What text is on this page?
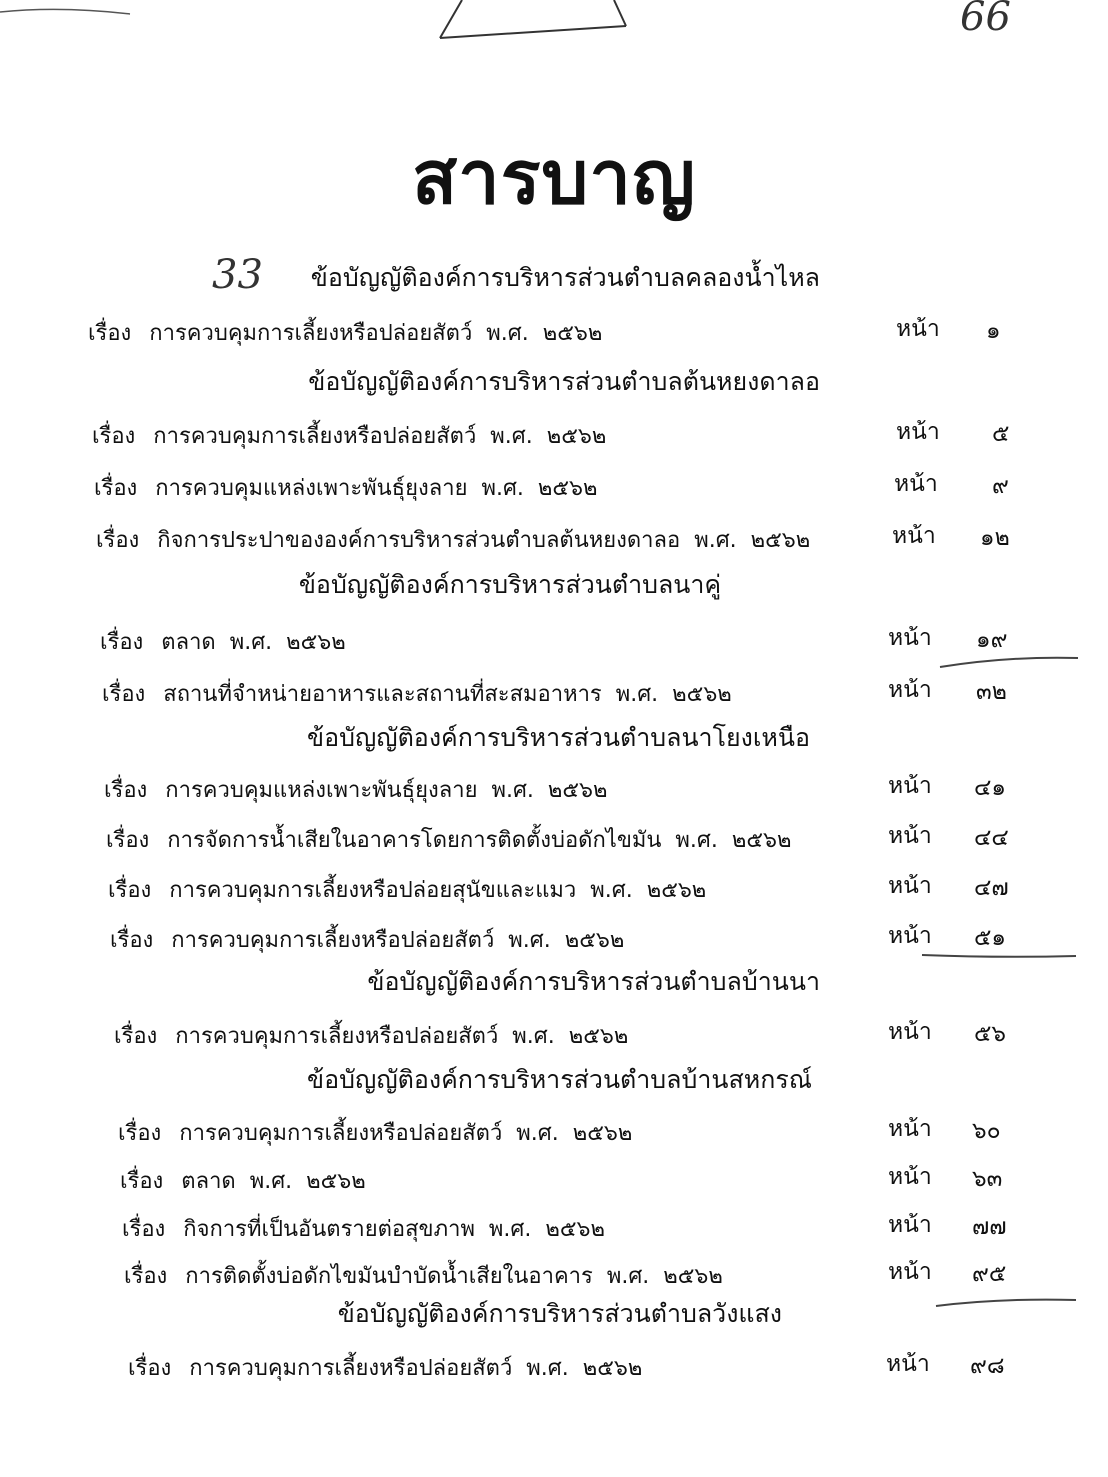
66
33
สารบาญ
ข้อบัญญัติองค์การบริหารส่วนตำบลคลองน้ำไหล
เรื่อง การควบคุมการเลี้ยงหรือปล่อยสัตว์  พ.ศ.  ๒๕๖๒	หน้า ๑
ข้อบัญญัติองค์การบริหารส่วนตำบลต้นหยงดาลอ
เรื่อง การควบคุมการเลี้ยงหรือปล่อยสัตว์  พ.ศ.  ๒๕๖๒	หน้า ๕
เรื่อง การควบคุมแหล่งเพาะพันธุ์ยุงลาย  พ.ศ.  ๒๕๖๒	หน้า ๙
เรื่อง กิจการประปาขององค์การบริหารส่วนตำบลต้นหยงดาลอ  พ.ศ.  ๒๕๖๒	หน้า ๑๒
ข้อบัญญัติองค์การบริหารส่วนตำบลนาคู่
เรื่อง ตลาด  พ.ศ.  ๒๕๖๒	หน้า ๑๙
เรื่อง สถานที่จำหน่ายอาหารและสถานที่สะสมอาหาร  พ.ศ.  ๒๕๖๒	หน้า ๓๒
ข้อบัญญัติองค์การบริหารส่วนตำบลนาโยงเหนือ
เรื่อง การควบคุมแหล่งเพาะพันธุ์ยุงลาย  พ.ศ.  ๒๕๖๒	หน้า ๔๑
เรื่อง การจัดการน้ำเสียในอาคารโดยการติดตั้งบ่อดักไขมัน  พ.ศ.  ๒๕๖๒	หน้า ๔๔
เรื่อง การควบคุมการเลี้ยงหรือปล่อยสุนัขและแมว  พ.ศ.  ๒๕๖๒	หน้า ๔๗
เรื่อง การควบคุมการเลี้ยงหรือปล่อยสัตว์  พ.ศ.  ๒๕๖๒	หน้า ๕๑
ข้อบัญญัติองค์การบริหารส่วนตำบลบ้านนา
เรื่อง การควบคุมการเลี้ยงหรือปล่อยสัตว์  พ.ศ.  ๒๕๖๒	หน้า ๕๖
ข้อบัญญัติองค์การบริหารส่วนตำบลบ้านสหกรณ์
เรื่อง การควบคุมการเลี้ยงหรือปล่อยสัตว์  พ.ศ.  ๒๕๖๒	หน้า ๖๐
เรื่อง ตลาด  พ.ศ.  ๒๕๖๒	หน้า ๖๓
เรื่อง กิจการที่เป็นอันตรายต่อสุขภาพ  พ.ศ.  ๒๕๖๒	หน้า ๗๗
เรื่อง การติดตั้งบ่อดักไขมันบำบัดน้ำเสียในอาคาร  พ.ศ.  ๒๕๖๒	หน้า ๙๕
ข้อบัญญัติองค์การบริหารส่วนตำบลวังแสง
เรื่อง การควบคุมการเลี้ยงหรือปล่อยสัตว์  พ.ศ.  ๒๕๖๒	หน้า ๙๘
